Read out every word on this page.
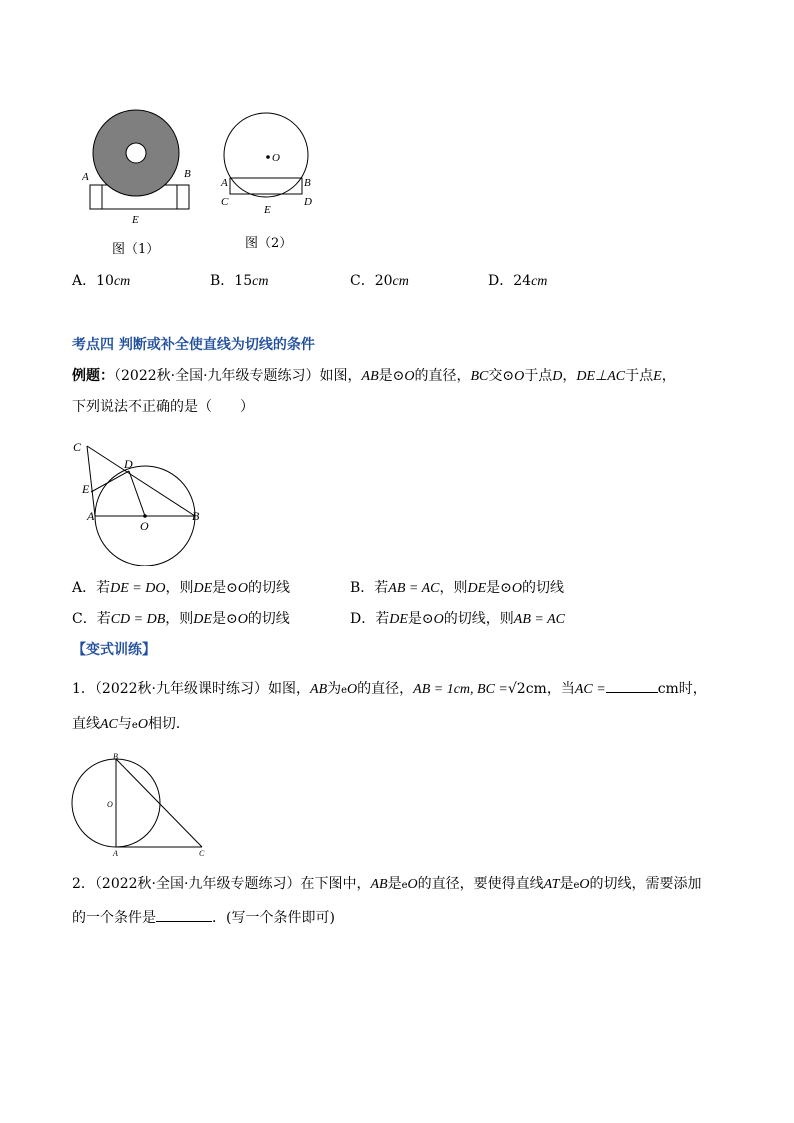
A	B
E
图（1）
O
A	B
C	D
E
图（2）
A．10cm	B．15cm	C．20cm	D．24cm
考点四 判断或补全使直线为切线的条件
例题：（2022秋·全国·九年级专题练习）如图，AB是⊙O的直径，BC交⊙O于点D，DE⊥AC于点E，
下列说法不正确的是（　　）
C
D
E
A
O
B
A．若DE = DO，则DE是⊙O的切线	B．若AB = AC，则DE是⊙O的切线
C．若CD = DB，则DE是⊙O的切线	D．若DE是⊙O的切线，则AB = AC
【变式训练】
1．（2022秋·九年级课时练习）如图，AB为eO的直径，AB = 1cm, BC =√2cm，当AC =	cm时，
直线AC与eO相切．
B
O
A	C
2．（2022秋·全国·九年级专题练习）在下图中，AB是eO的直径，要使得直线AT是eO的切线，需要添加
的一个条件是	．(写一个条件即可)
